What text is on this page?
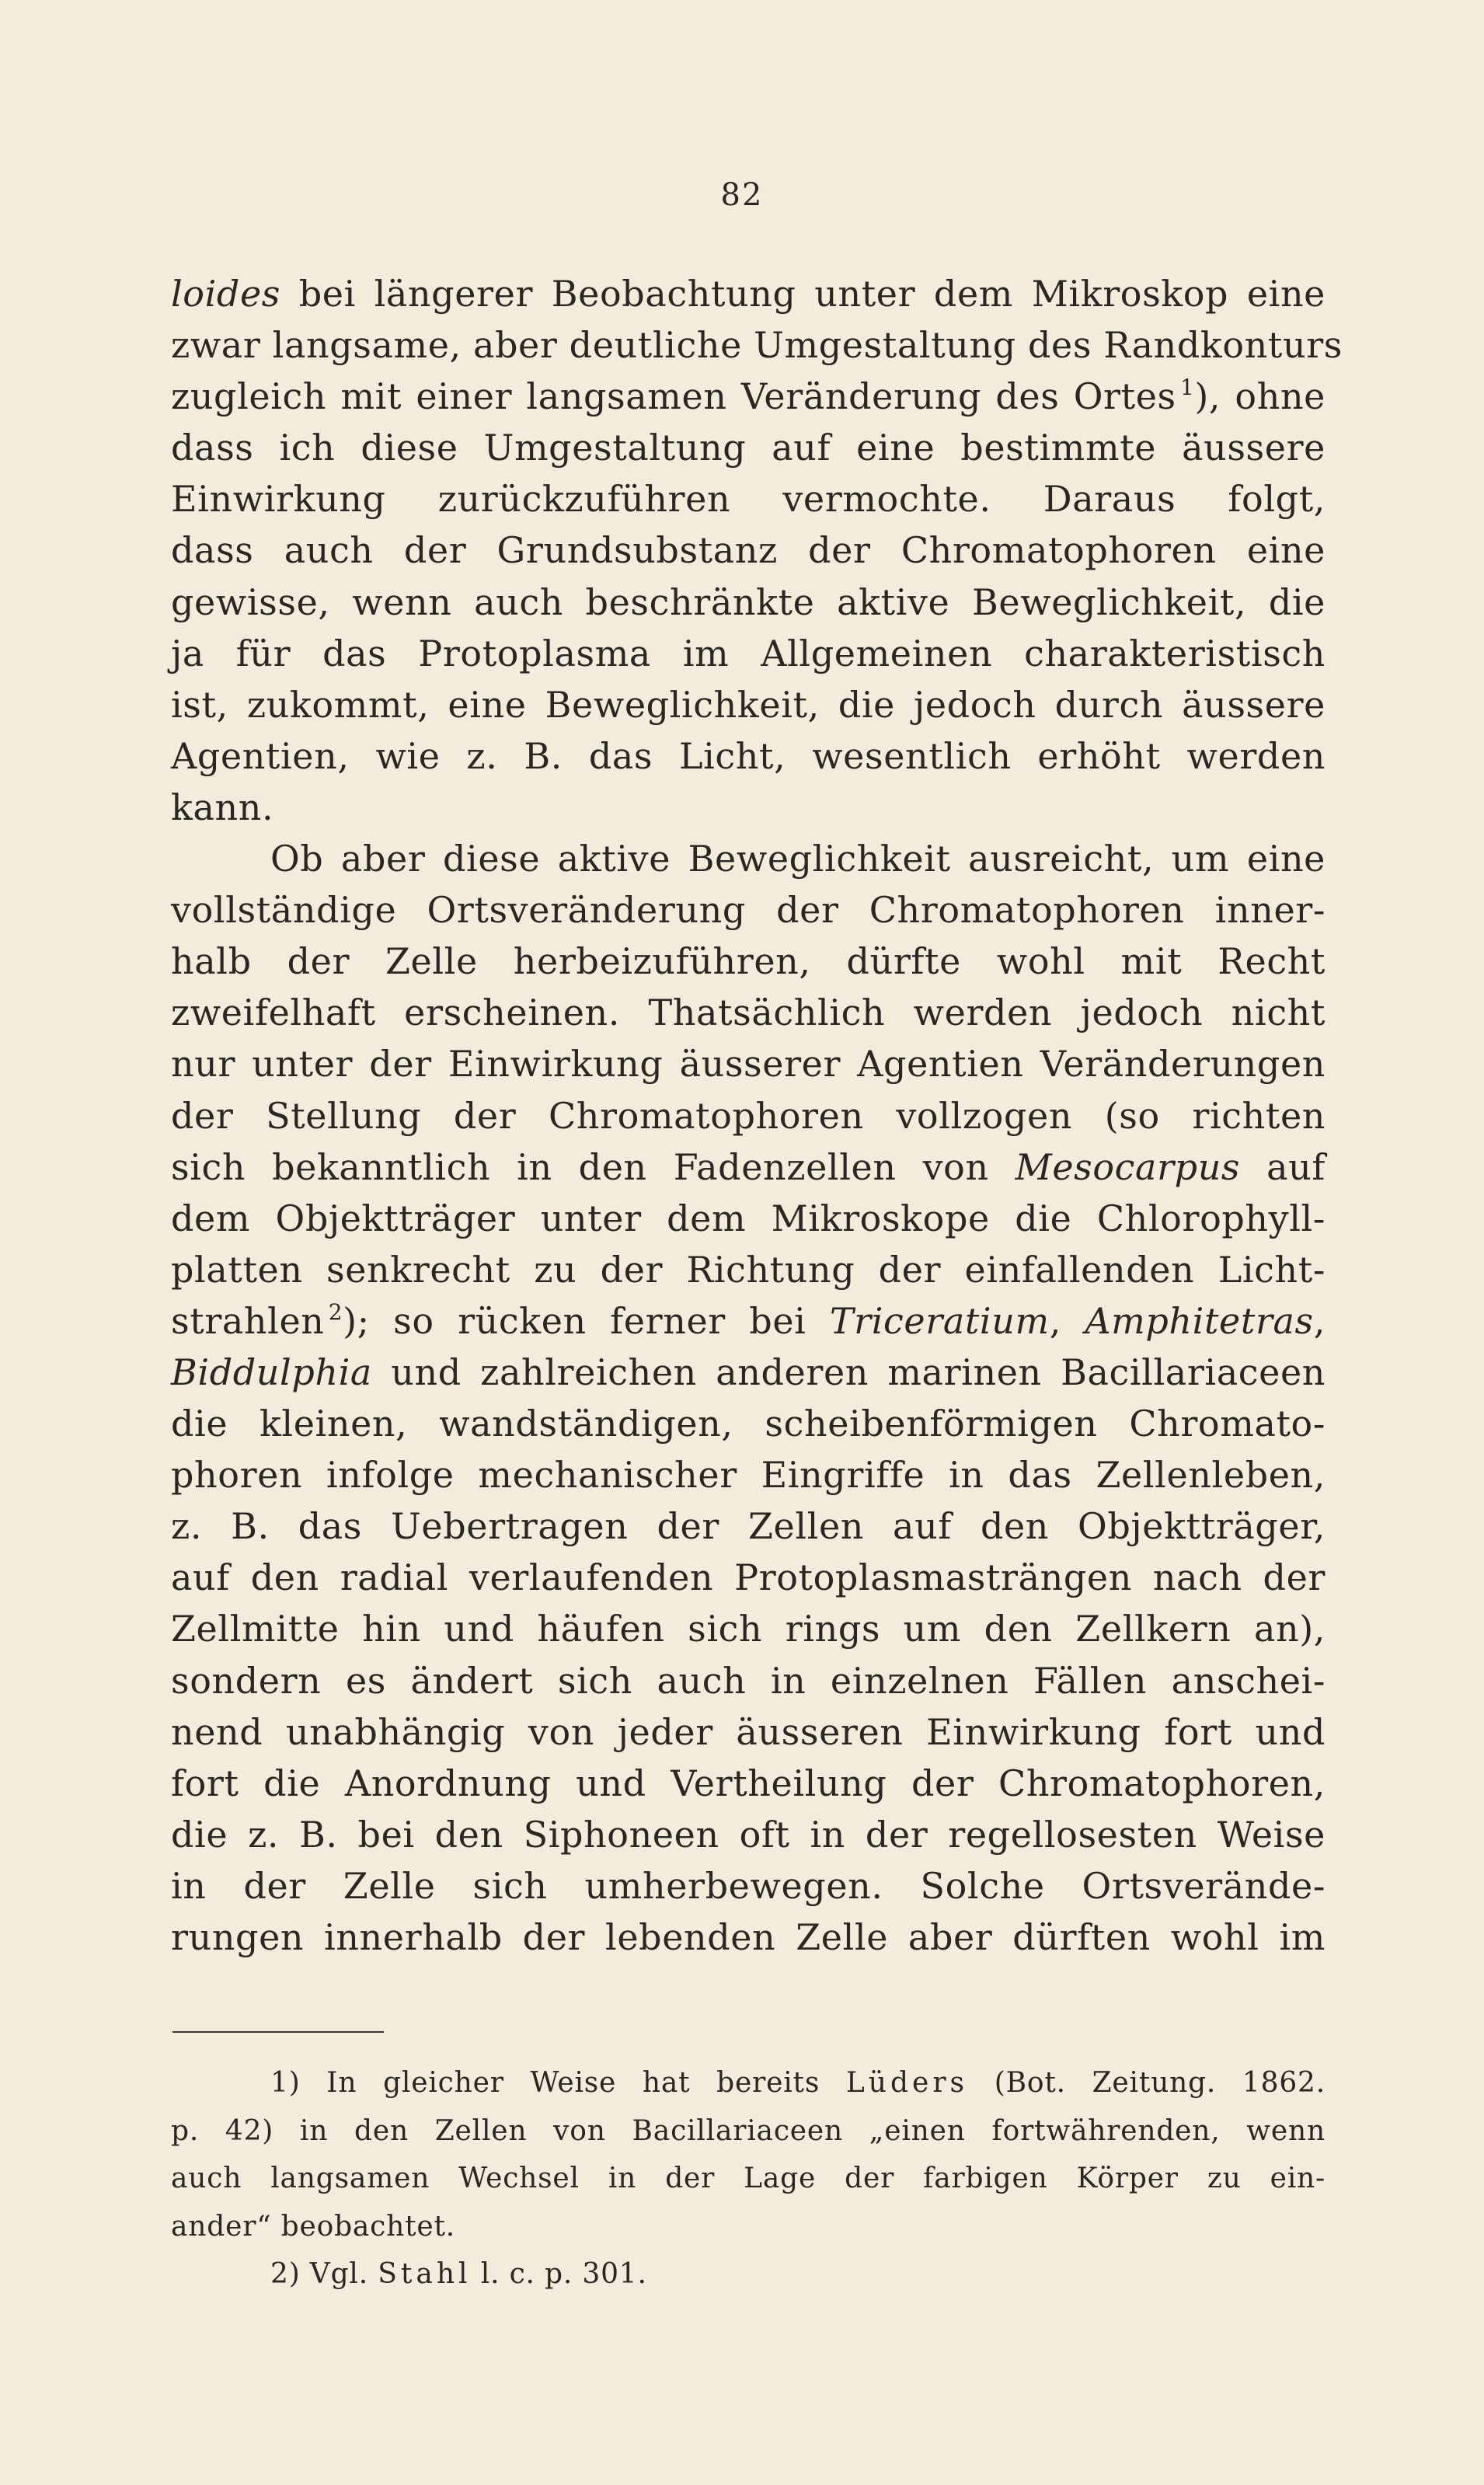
82
loides bei längerer Beobachtung unter dem Mikroskop eine
zwar langsame, aber deutliche Umgestaltung des Randkonturs
zugleich mit einer langsamen Veränderung des Ortes  $^1$), ohne
dass ich diese Umgestaltung auf eine bestimmte äussere
Einwirkung zurückzuführen vermochte. Daraus folgt,
dass auch der Grundsubstanz der Chromatophoren eine
gewisse, wenn auch beschränkte aktive Beweglichkeit, die
ja für das Protoplasma im Allgemeinen charakteristisch
ist, zukommt, eine Beweglichkeit, die jedoch durch äussere
Agentien, wie z. B. das Licht, wesentlich erhöht werden
kann.
Ob aber diese aktive Beweglichkeit ausreicht, um eine
vollständige Ortsveränderung der Chromatophoren inner-
halb der Zelle herbeizuführen, dürfte wohl mit Recht
zweifelhaft erscheinen. Thatsächlich werden jedoch nicht
nur unter der Einwirkung äusserer Agentien Veränderungen
der Stellung der Chromatophoren vollzogen (so richten
sich bekanntlich in den Fadenzellen von Mesocarpus auf
dem Objektträger unter dem Mikroskope die Chlorophyll-
platten senkrecht zu der Richtung der einfallenden Licht-
strahlen  $^2$); so rücken ferner bei Triceratium, Amphitetras,
Biddulphia und zahlreichen anderen marinen Bacillariaceen
die kleinen, wandständigen, scheibenförmigen Chromato-
phoren infolge mechanischer Eingriffe in das Zellenleben,
z. B. das Uebertragen der Zellen auf den Objektträger,
auf den radial verlaufenden Protoplasmasträngen nach der
Zellmitte hin und häufen sich rings um den Zellkern an),
sondern es ändert sich auch in einzelnen Fällen anschei-
nend unabhängig von jeder äusseren Einwirkung fort und
fort die Anordnung und Vertheilung der Chromatophoren,
die z. B. bei den Siphoneen oft in der regellosesten Weise
in der Zelle sich umherbewegen. Solche Ortsverände-
rungen innerhalb der lebenden Zelle aber dürften wohl im
1) In gleicher Weise hat bereits Lüders (Bot. Zeitung. 1862.
p. 42) in den Zellen von Bacillariaceen „einen fortwährenden, wenn
auch langsamen Wechsel in der Lage der farbigen Körper zu ein-
ander“ beobachtet.
2) Vgl. Stahl l. c. p. 301.
